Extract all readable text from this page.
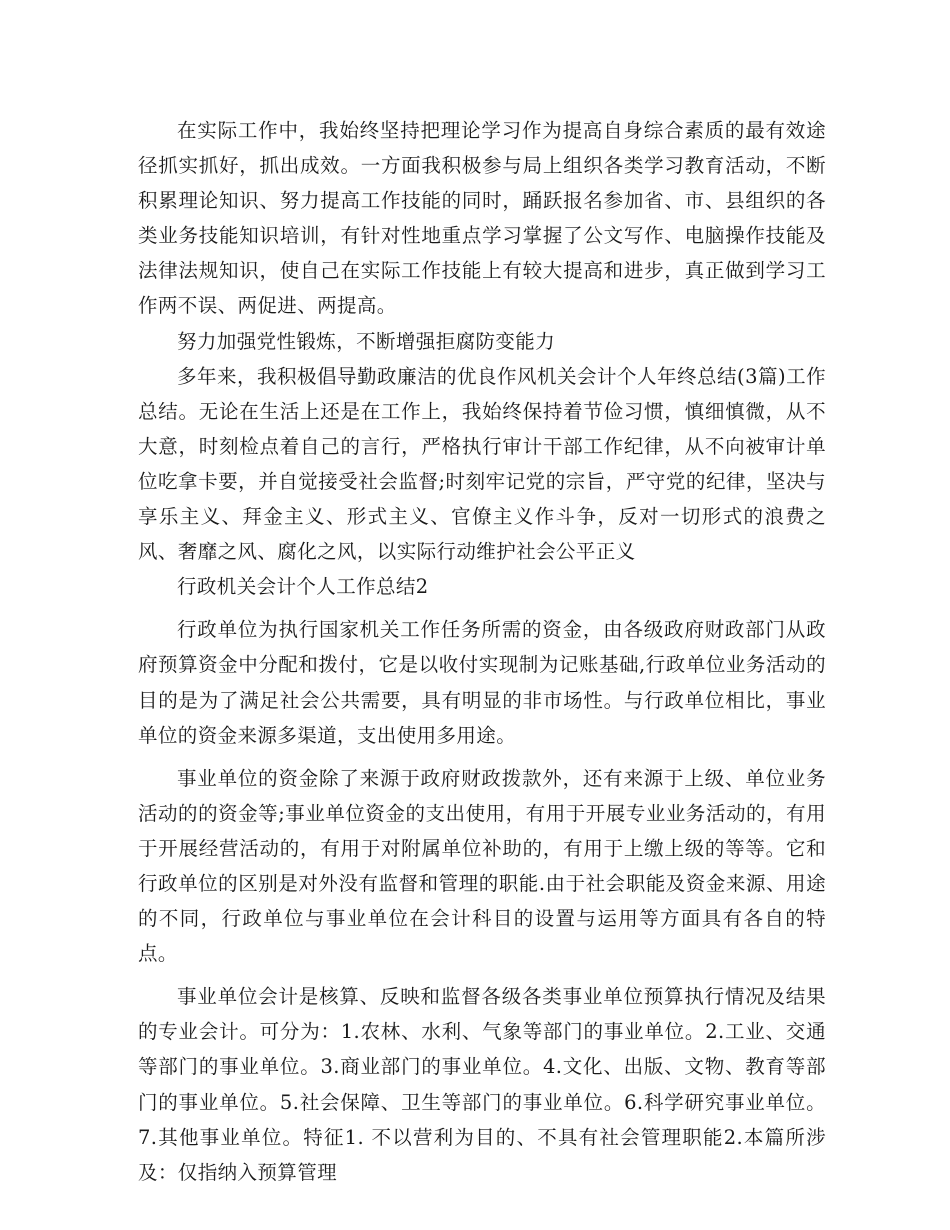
在实际工作中，我始终坚持把理论学习作为提高自身综合素质的最有效途径抓实抓好，抓出成效。一方面我积极参与局上组织各类学习教育活动，不断积累理论知识、努力提高工作技能的同时，踊跃报名参加省、市、县组织的各类业务技能知识培训，有针对性地重点学习掌握了公文写作、电脑操作技能及法律法规知识，使自己在实际工作技能上有较大提高和进步，真正做到学习工作两不误、两促进、两提高。

努力加强党性锻炼，不断增强拒腐防变能力

多年来，我积极倡导勤政廉洁的优良作风机关会计个人年终总结(3篇)工作总结。无论在生活上还是在工作上，我始终保持着节俭习惯，慎细慎微，从不大意，时刻检点着自己的言行，严格执行审计干部工作纪律，从不向被审计单位吃拿卡要，并自觉接受社会监督;时刻牢记党的宗旨，严守党的纪律，坚决与享乐主义、拜金主义、形式主义、官僚主义作斗争，反对一切形式的浪费之风、奢靡之风、腐化之风，以实际行动维护社会公平正义

行政机关会计个人工作总结2

行政单位为执行国家机关工作任务所需的资金，由各级政府财政部门从政府预算资金中分配和拨付，它是以收付实现制为记账基础,行政单位业务活动的目的是为了满足社会公共需要，具有明显的非市场性。与行政单位相比，事业单位的资金来源多渠道，支出使用多用途。

事业单位的资金除了来源于政府财政拨款外，还有来源于上级、单位业务活动的的资金等;事业单位资金的支出使用，有用于开展专业业务活动的，有用于开展经营活动的，有用于对附属单位补助的，有用于上缴上级的等等。它和行政单位的区别是对外没有监督和管理的职能.由于社会职能及资金来源、用途的不同，行政单位与事业单位在会计科目的设置与运用等方面具有各自的特点。

事业单位会计是核算、反映和监督各级各类事业单位预算执行情况及结果的专业会计。可分为：1.农林、水利、气象等部门的事业单位。2.工业、交通等部门的事业单位。3.商业部门的事业单位。4.文化、出版、文物、教育等部门的事业单位。5.社会保障、卫生等部门的事业单位。6.科学研究事业单位。7.其他事业单位。特征1. 不以营利为目的、不具有社会管理职能2.本篇所涉及：仅指纳入预算管理
